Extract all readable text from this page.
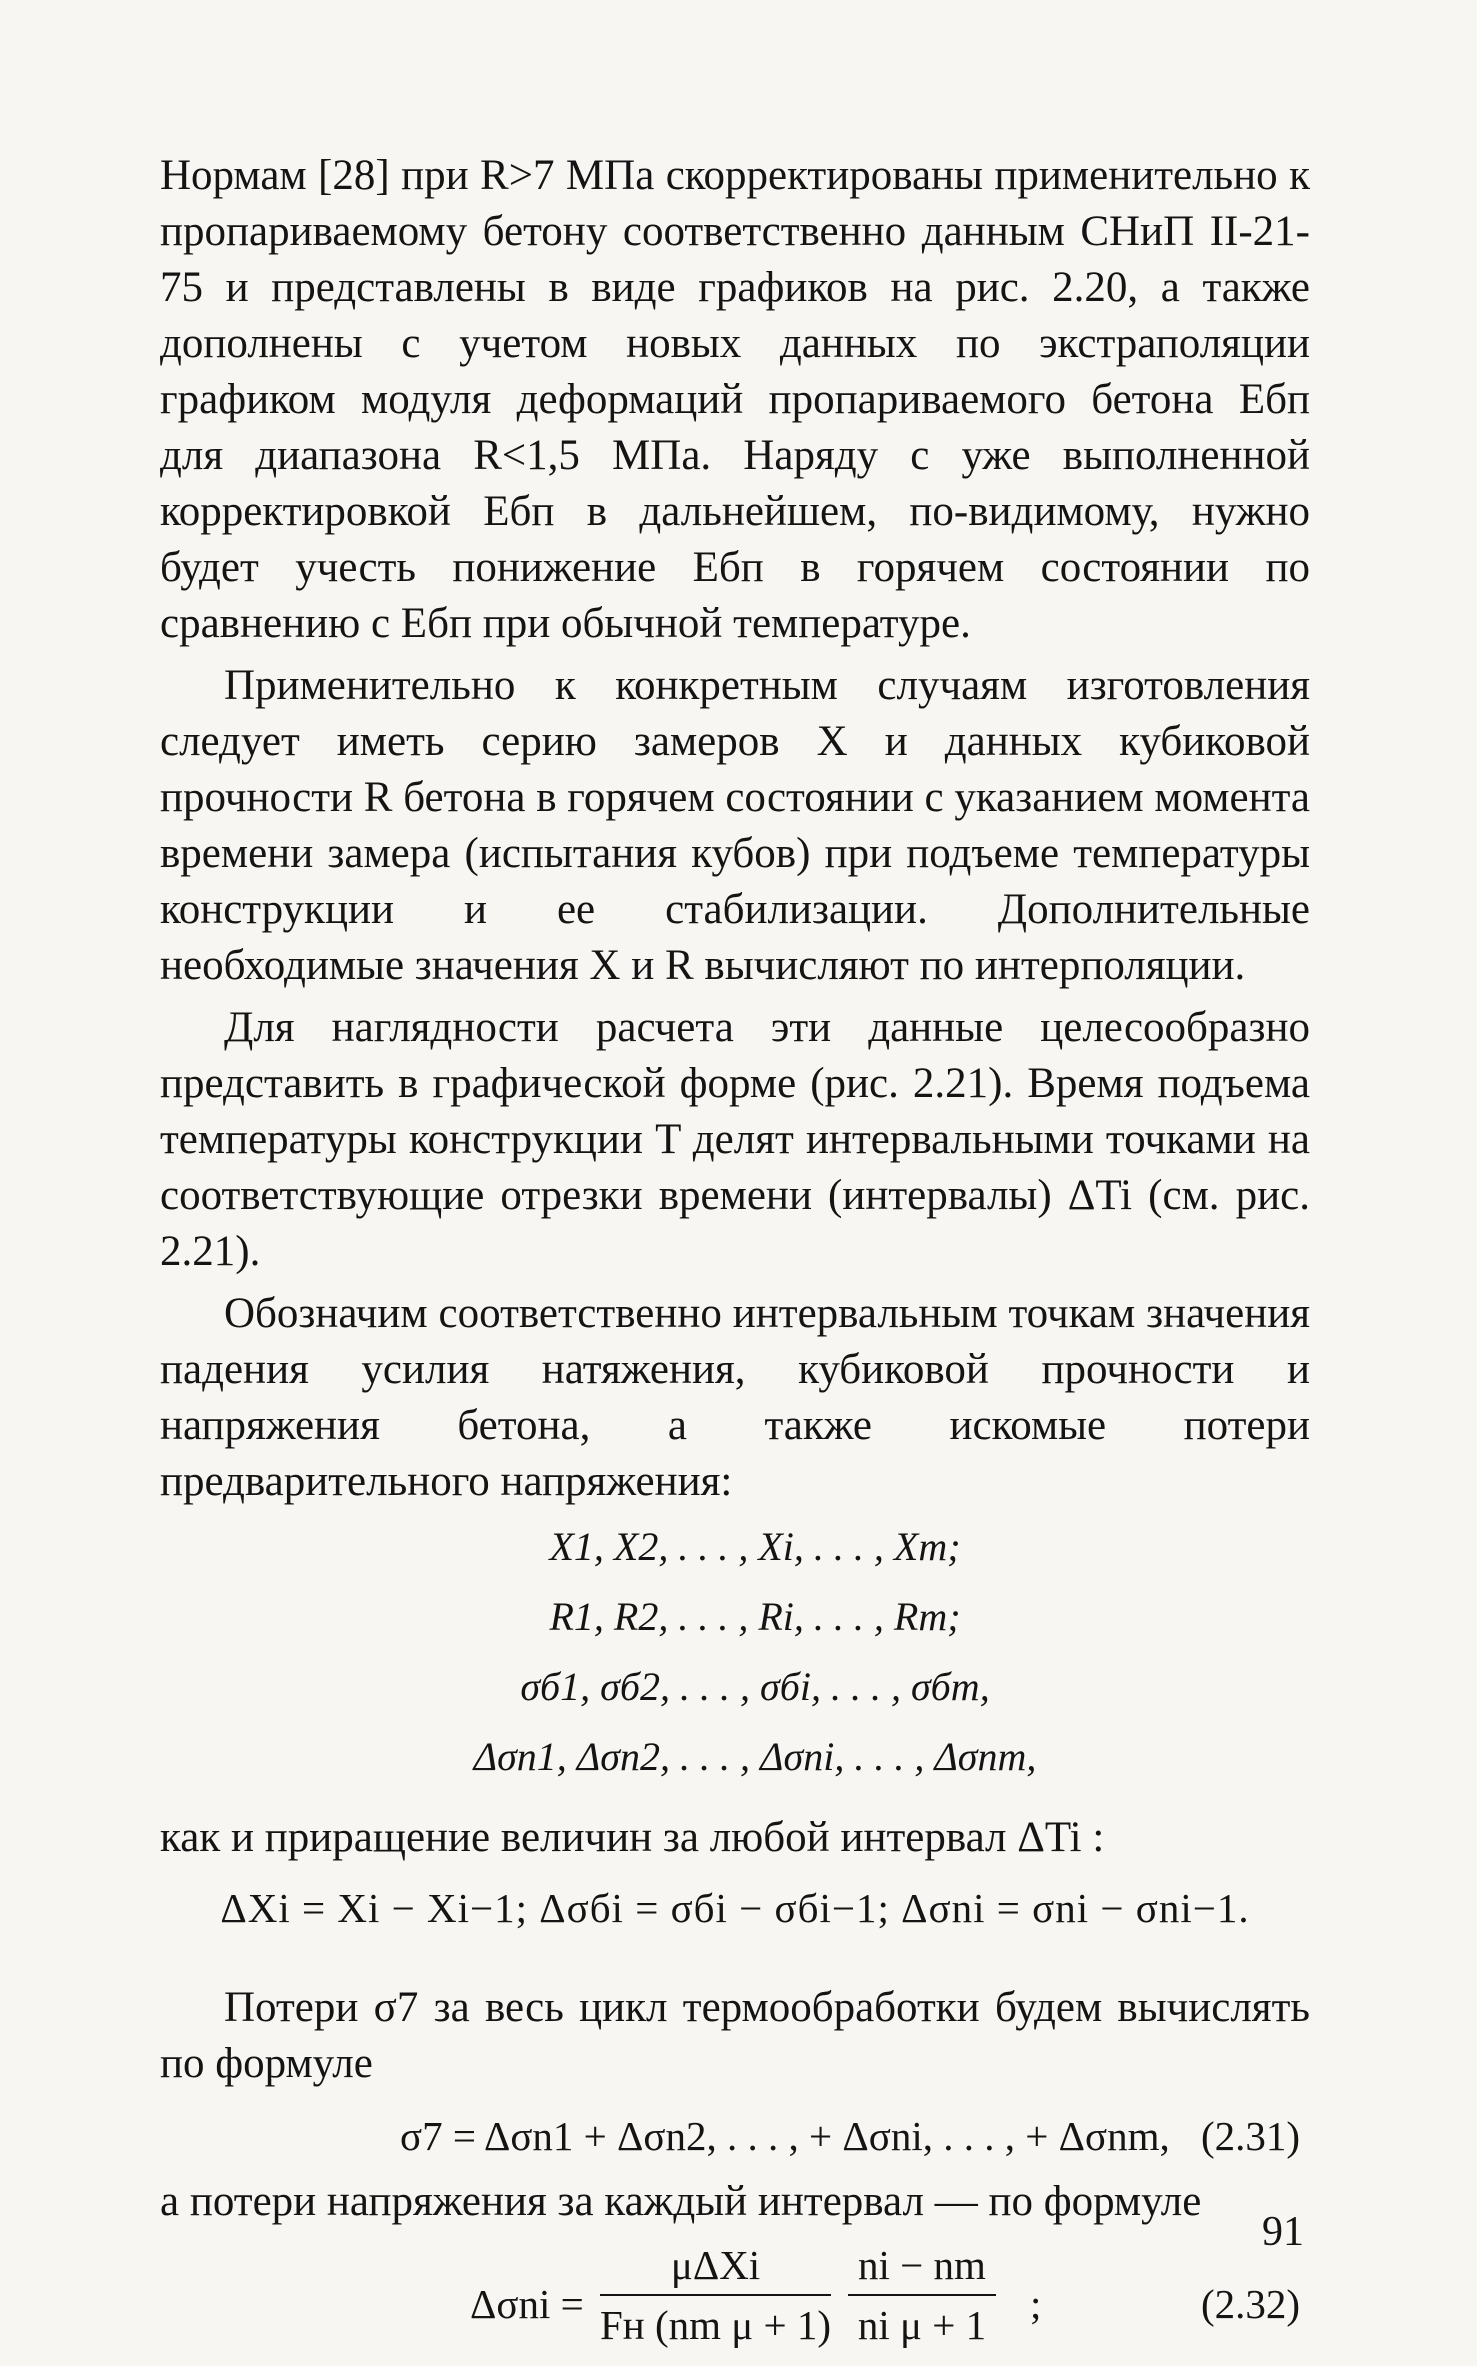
Нормам [28] при R>7 МПа скорректированы применительно к пропариваемому бетону соответственно данным СНиП II-21-75 и представлены в виде графиков на рис. 2.20, а также дополнены с учетом новых данных по экстраполяции графиком модуля деформаций пропариваемого бетона Eбп для диапазона R<1,5 МПа. Наряду с уже выполненной корректировкой Eбп в дальнейшем, по-видимому, нужно будет учесть понижение Eбп в горячем состоянии по сравнению с Eбп при обычной температуре.

Применительно к конкретным случаям изготовления следует иметь серию замеров X и данных кубиковой прочности R бетона в горячем состоянии с указанием момента времени замера (испытания кубов) при подъеме температуры конструкции и ее стабилизации. Дополнительные необходимые значения X и R вычисляют по интерполяции.

Для наглядности расчета эти данные целесообразно представить в графической форме (рис. 2.21). Время подъема температуры конструкции T делят интервальными точками на соответствующие отрезки времени (интервалы) ΔTi (см. рис. 2.21).

Обозначим соответственно интервальным точкам значения падения усилия натяжения, кубиковой прочности и напряжения бетона, а также искомые потери предварительного напряжения:

X1, X2, . . . , Xi, . . . , Xm;
R1, R2, . . . , Ri, . . . , Rm;
σб1, σб2, . . . , σбi, . . . , σбm,
Δσn1, Δσn2, . . . , Δσni, . . . , Δσnm,

как и приращение величин за любой интервал ΔTi :

ΔXi = Xi − Xi−1; Δσбi = σбi − σбi−1; Δσni = σni − σni−1.

Потери σ7 за весь цикл термообработки будем вычислять по формуле

σ7 = Δσn1 + Δσn2, . . . , + Δσni, . . . , + Δσnm, (2.31)

а потери напряжения за каждый интервал — по формуле

Δσni =
μΔXi
Fн (nm $\mu + 1) \frac{ni - nm}{\text{ni μ + 1}}$ ;	(2.32)
91
